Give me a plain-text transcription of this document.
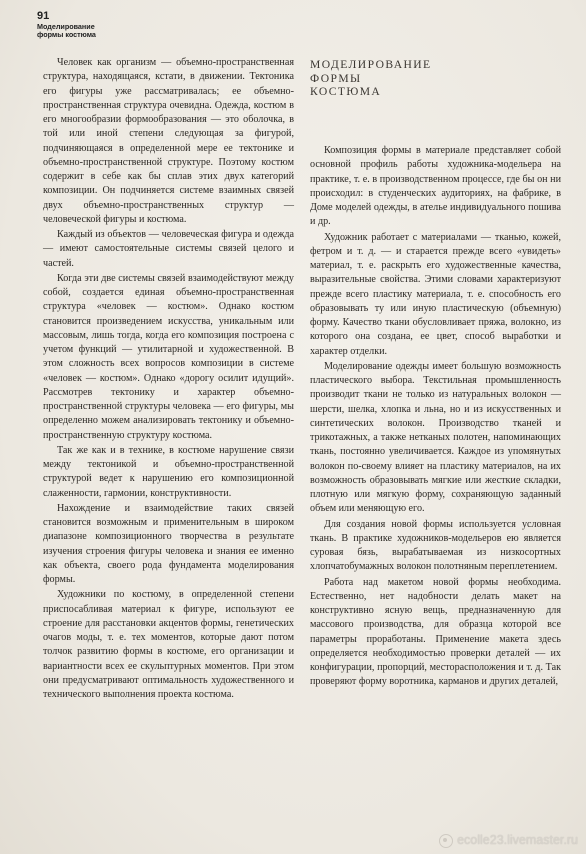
91
Моделирование
формы костюма

Человек как организм — объемно-пространственная структура, находящаяся, кстати, в движении. Тектоника его фигуры уже рассматривалась; ее объемно-пространственная структура очевидна. Одежда, костюм в его многообразии формообразования — это оболочка, в той или иной степени следующая за фигурой, подчиняющаяся в определенной мере ее тектонике и объемно-пространственной структуре. Поэтому костюм содержит в себе как бы сплав этих двух категорий композиции. Он подчиняется системе взаимных связей двух объемно-пространственных структур — человеческой фигуры и костюма.

Каждый из объектов — человеческая фигура и одежда — имеют самостоятельные системы связей целого и частей.

Когда эти две системы связей взаимодействуют между собой, создается единая объемно-пространственная структура «человек — костюм». Однако костюм становится произведением искусства, уникальным или массовым, лишь тогда, когда его композиция построена с учетом функций — утилитарной и художественной. В этом сложность всех вопросов композиции в системе «человек — костюм». Однако «дорогу осилит идущий». Рассмотрев тектонику и характер объемно-пространственной структуры человека — его фигуры, мы определенно можем анализировать тектонику и объемно-пространственную структуру костюма.

Так же как и в технике, в костюме нарушение связи между тектоникой и объемно-пространственной структурой ведет к нарушению его композиционной слаженности, гармонии, конструктивности.

Нахождение и взаимодействие таких связей становится возможным и применительным в широком диапазоне композиционного творчества в результате изучения строения фигуры человека и знания ее именно как объекта, своего рода фундамента моделирования формы.

Художники по костюму, в определенной степени приспосабливая материал к фигуре, используют ее строение для расстановки акцентов формы, генетических очагов моды, т. е. тех моментов, которые дают потом толчок развитию формы в костюме, его организации и вариантности всех ее скульптурных моментов. При этом они предусматривают оптимальность художественного и технического выполнения проекта костюма.

МОДЕЛИРОВАНИЕ
ФОРМЫ
КОСТЮМА

Композиция формы в материале представляет собой основной профиль работы художника-модельера на практике, т. е. в производственном процессе, где бы он ни происходил: в студенческих аудиториях, на фабрике, в Доме моделей одежды, в ателье индивидуального пошива и др.

Художник работает с материалами — тканью, кожей, фетром и т. д. — и старается прежде всего «увидеть» материал, т. е. раскрыть его художественные качества, выразительные свойства. Этими словами характеризуют прежде всего пластику материала, т. е. способность его образовывать ту или иную пластическую (объемную) форму. Качество ткани обусловливает пряжа, волокно, из которого она создана, ее цвет, способ выработки и характер отделки.

Моделирование одежды имеет большую возможность пластического выбора. Текстильная промышленность производит ткани не только из натуральных волокон — шерсти, шелка, хлопка и льна, но и из искусственных и синтетических волокон. Производство тканей и трикотажных, а также нетканых полотен, напоминающих ткань, постоянно увеличивается. Каждое из упомянутых волокон по-своему влияет на пластику материалов, на их возможность образовывать мягкие или жесткие складки, плотную или мягкую форму, сохраняющую заданный объем или меняющую его.

Для создания новой формы используется условная ткань. В практике художников-модельеров ею является суровая бязь, вырабатываемая из низкосортных хлопчатобумажных волокон полотняным переплетением.

Работа над макетом новой формы необходима. Естественно, нет надобности делать макет на конструктивно ясную вещь, предназначенную для массового производства, для образца которой все параметры проработаны. Применение макета здесь определяется необходимостью проверки деталей — их конфигурации, пропорций, месторасположения и т. д. Так проверяют форму воротника, карманов и других деталей,

ecolle23.livemaster.ru
